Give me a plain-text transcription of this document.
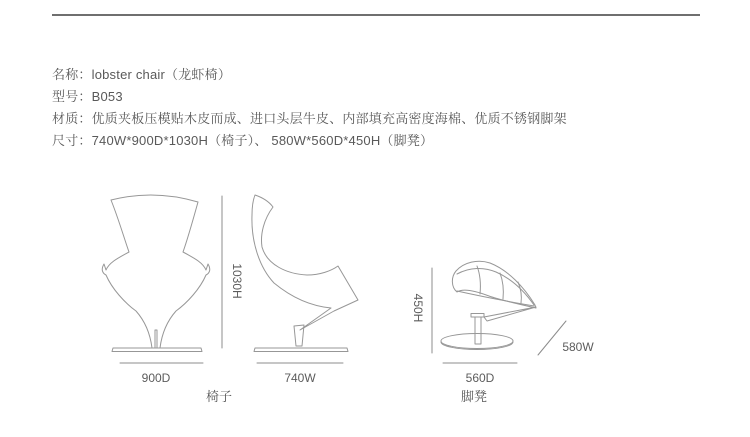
名称：lobster chair（龙虾椅）
型号：B053
材质：优质夹板压模贴木皮而成、进口头层牛皮、内部填充高密度海棉、优质不锈钢脚架
尺寸：740W*900D*1030H（椅子）、 580W*560D*450H（脚凳）
900D
1030H
740W
椅子
450H
560D
580W
脚凳
